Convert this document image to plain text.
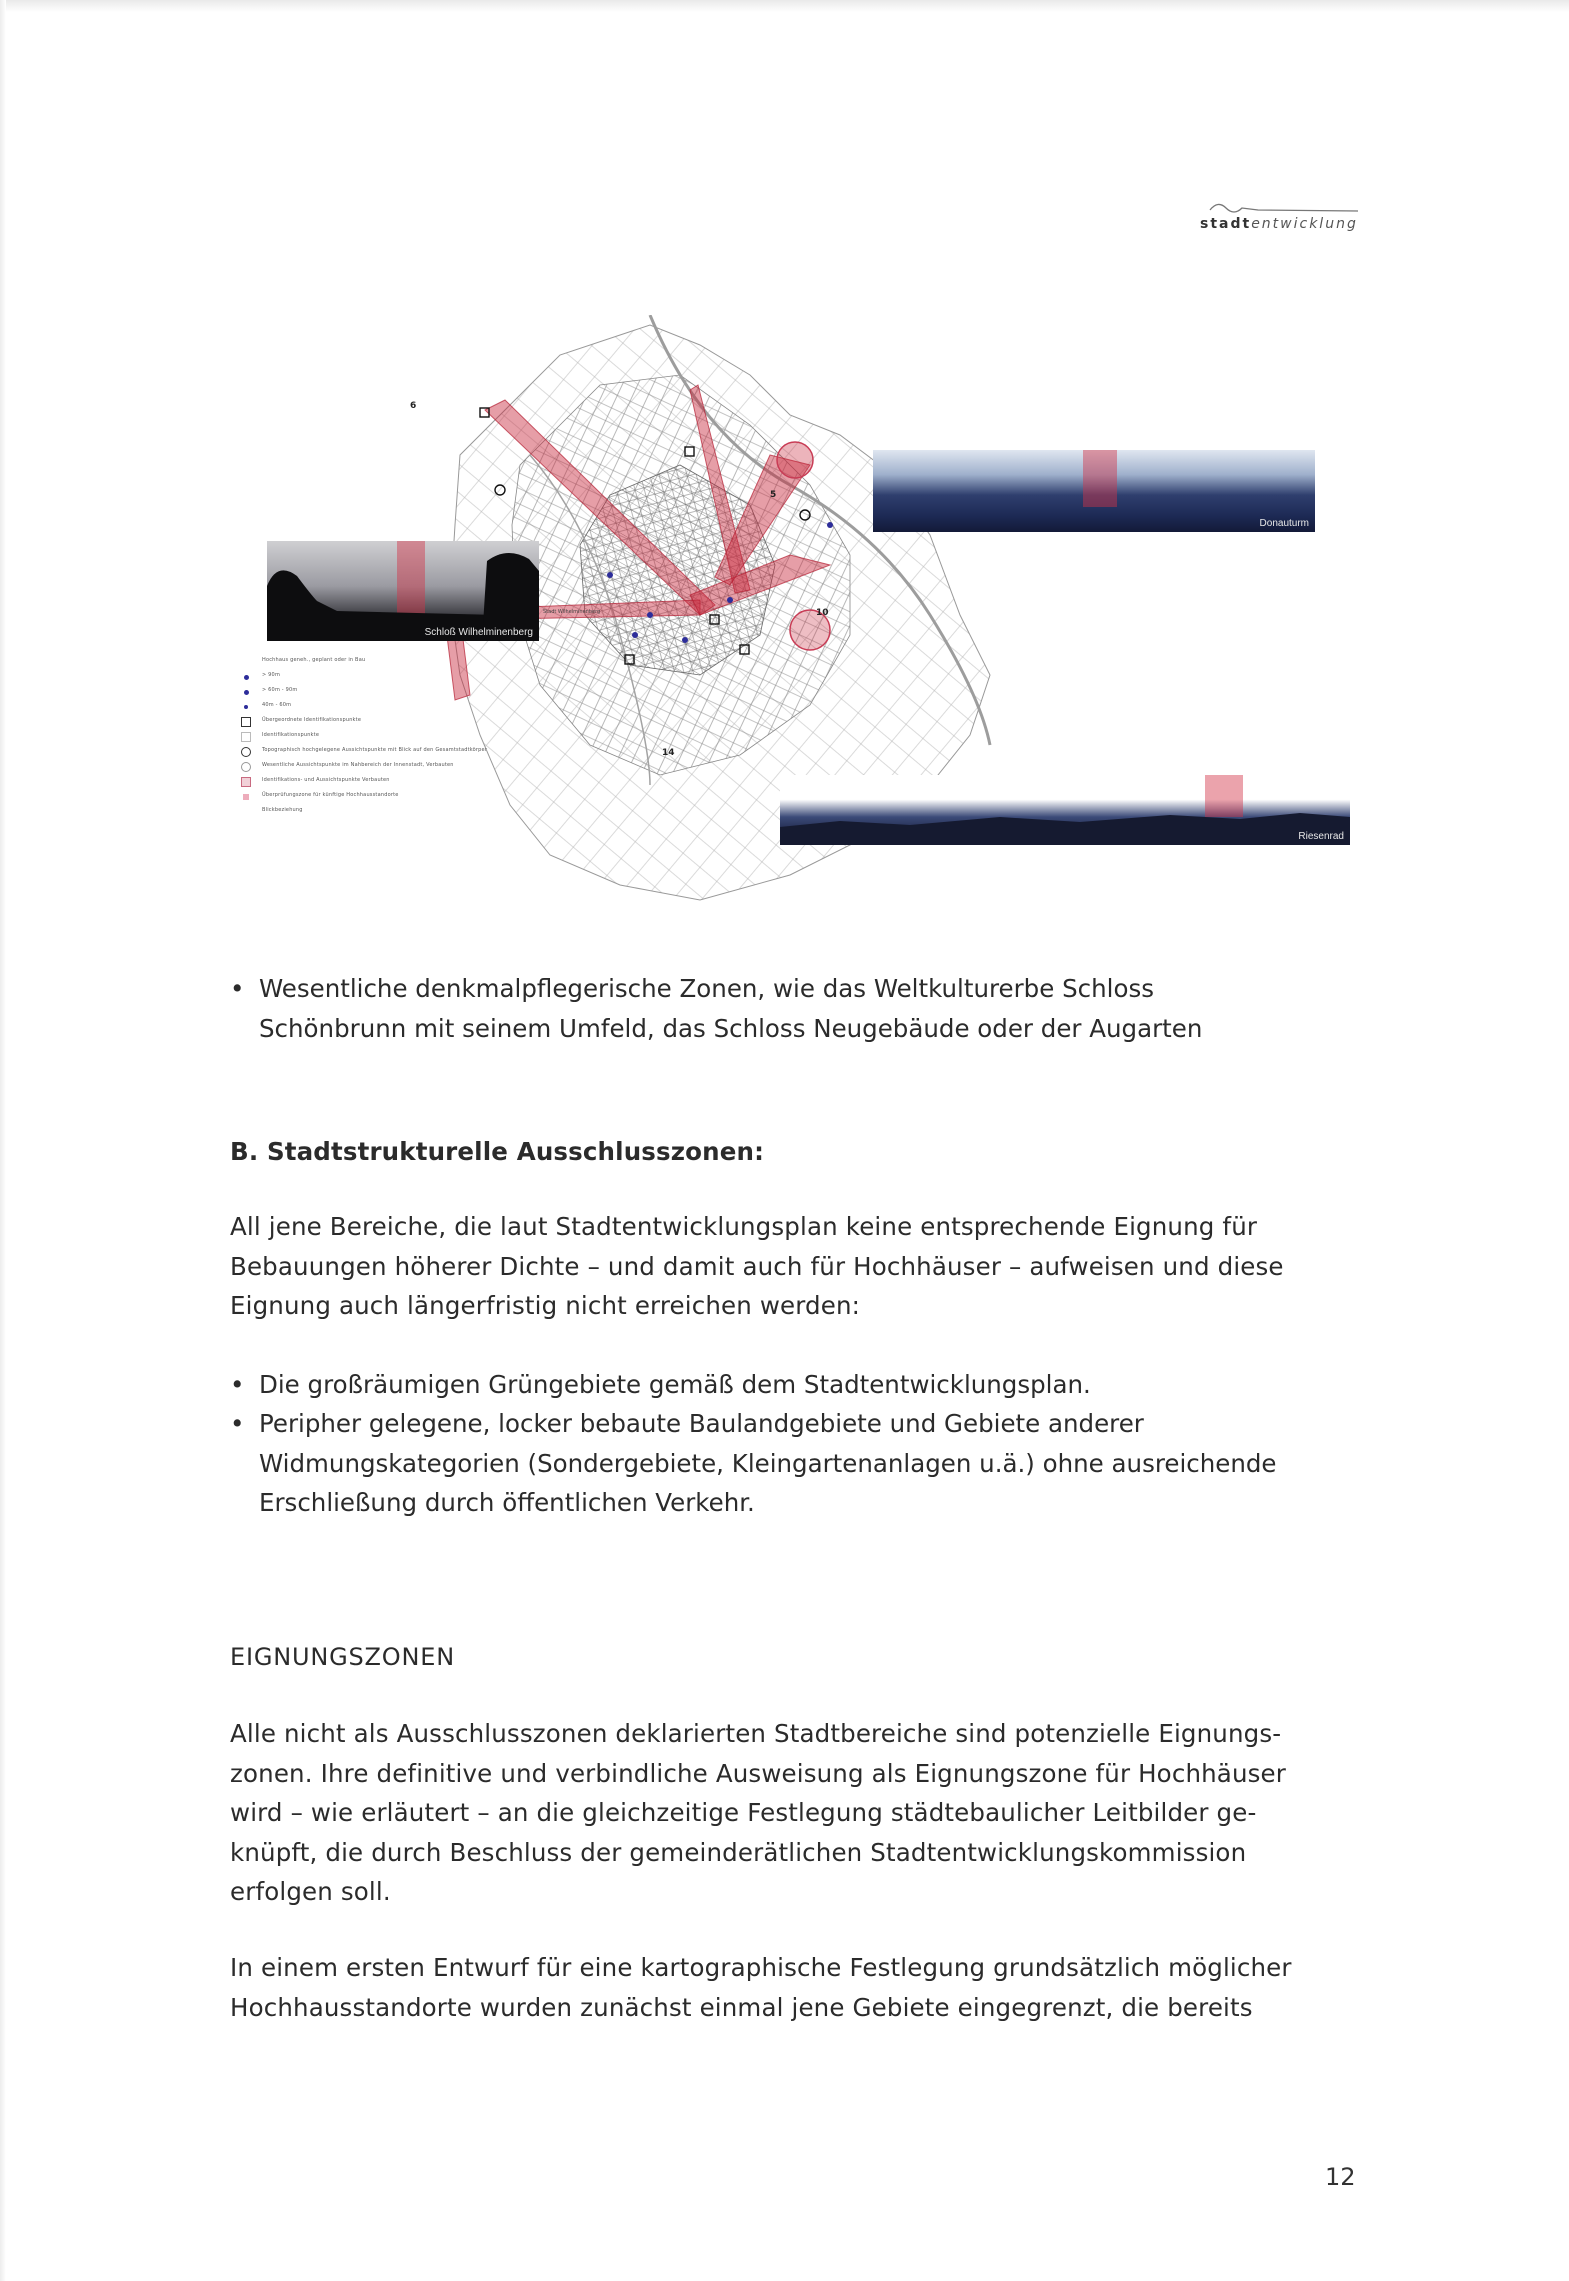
stadtentwicklung
6
10
14
5
Stadt Wilhelminenberg
Schloß Wilhelminenberg
Donauturm
Riesenrad
Hochhaus geneh., geplant oder in Bau
> 90m
> 60m - 90m
40m - 60m
Übergeordnete Identifikationspunkte
Identifikationspunkte
Topographisch hochgelegene Aussichtspunkte mit Blick auf den Gesamtstadtkörper
Wesentliche Aussichtspunkte im Nahbereich der Innenstadt, Verbauten
Identifikations- und Aussichtspunkte Verbauten
Überprüfungszone für künftige Hochhausstandorte
Blickbeziehung
• Wesentliche denkmalpflegerische Zonen, wie das Weltkulturerbe Schloss
Schönbrunn mit seinem Umfeld, das Schloss Neugebäude oder der Augarten

B. Stadtstrukturelle Ausschlusszonen:

All jene Bereiche, die laut Stadtentwicklungsplan keine entsprechende Eignung für
Bebauungen höherer Dichte – und damit auch für Hochhäuser – aufweisen und diese
Eignung auch längerfristig nicht erreichen werden:
• Die großräumigen Grüngebiete gemäß dem Stadtentwicklungsplan.
• Peripher gelegene, locker bebaute Baulandgebiete und Gebiete anderer
Widmungskategorien (Sondergebiete, Kleingartenanlagen u.ä.) ohne ausreichende
Erschließung durch öffentlichen Verkehr.

EIGNUNGSZONEN

Alle nicht als Ausschlusszonen deklarierten Stadtbereiche sind potenzielle Eignungs-
zonen. Ihre definitive und verbindliche Ausweisung als Eignungszone für Hochhäuser
wird – wie erläutert – an die gleichzeitige Festlegung städtebaulicher Leitbilder ge-
knüpft, die durch Beschluss der gemeinderätlichen Stadtentwicklungskommission
erfolgen soll.
In einem ersten Entwurf für eine kartographische Festlegung grundsätzlich möglicher
Hochhausstandorte wurden zunächst einmal jene Gebiete eingegrenzt, die bereits
12
